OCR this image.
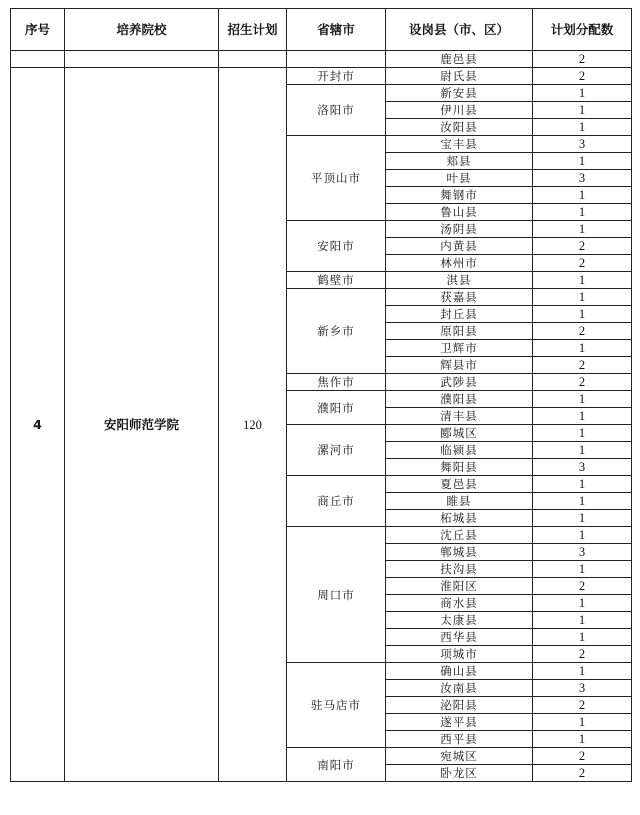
序号	培养院校	招生计划	省辖市	设岗县（市、区）	计划分配数
				鹿邑县	2
4	安阳师范学院	120	开封市	尉氏县	2
			洛阳市	新安县	1
				伊川县	1
				汝阳县	1
			平顶山市	宝丰县	3
				郏县	1
				叶县	3
				舞钢市	1
				鲁山县	1
			安阳市	汤阴县	1
				内黄县	2
				林州市	2
			鹤壁市	淇县	1
			新乡市	获嘉县	1
				封丘县	1
				原阳县	2
				卫辉市	1
				辉县市	2
			焦作市	武陟县	2
			濮阳市	濮阳县	1
				清丰县	1
			漯河市	郾城区	1
				临颍县	1
				舞阳县	3
			商丘市	夏邑县	1
				睢县	1
				柘城县	1
			周口市	沈丘县	1
				郸城县	3
				扶沟县	1
				淮阳区	2
				商水县	1
				太康县	1
				西华县	1
				项城市	2
			驻马店市	确山县	1
				汝南县	3
				泌阳县	2
				遂平县	1
				西平县	1
			南阳市	宛城区	2
				卧龙区	2
